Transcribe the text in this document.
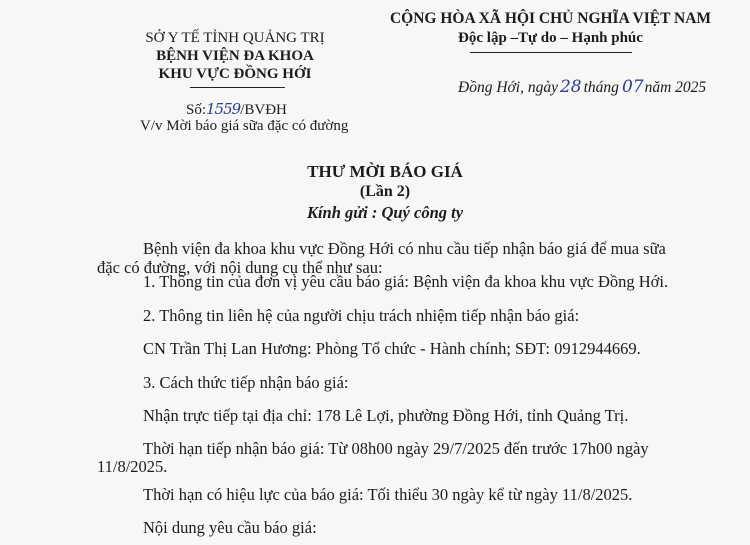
SỞ Y TẾ TỈNH QUẢNG TRỊ
BỆNH VIỆN ĐA KHOA
KHU VỰC ĐỒNG HỚI
Số:1559/BVĐH
V/v Mời báo giá sữa đặc có đường
CỘNG HÒA XÃ HỘI CHỦ NGHĨA VIỆT NAM
Độc lập –Tự do – Hạnh phúc
Đồng Hới, ngày 28 tháng 07năm 2025
THƯ MỜI BÁO GIÁ
(Lần 2)
Kính gửi : Quý công ty
Bệnh viện đa khoa khu vực Đồng Hới có nhu cầu tiếp nhận báo giá để mua sữa
đặc có đường, với nội dung cụ thể như sau:
1. Thông tin của đơn vị yêu cầu báo giá: Bệnh viện đa khoa khu vực Đồng Hới.
2. Thông tin liên hệ của người chịu trách nhiệm tiếp nhận báo giá:
CN Trần Thị Lan Hương: Phòng Tổ chức - Hành chính; SĐT: 0912944669.
3. Cách thức tiếp nhận báo giá:
Nhận trực tiếp tại địa chỉ: 178 Lê Lợi, phường Đồng Hới, tỉnh Quảng Trị.
Thời hạn tiếp nhận báo giá: Từ 08h00 ngày 29/7/2025 đến trước 17h00 ngày
11/8/2025.
Thời hạn có hiệu lực của báo giá: Tối thiểu 30 ngày kể từ ngày 11/8/2025.
Nội dung yêu cầu báo giá:
